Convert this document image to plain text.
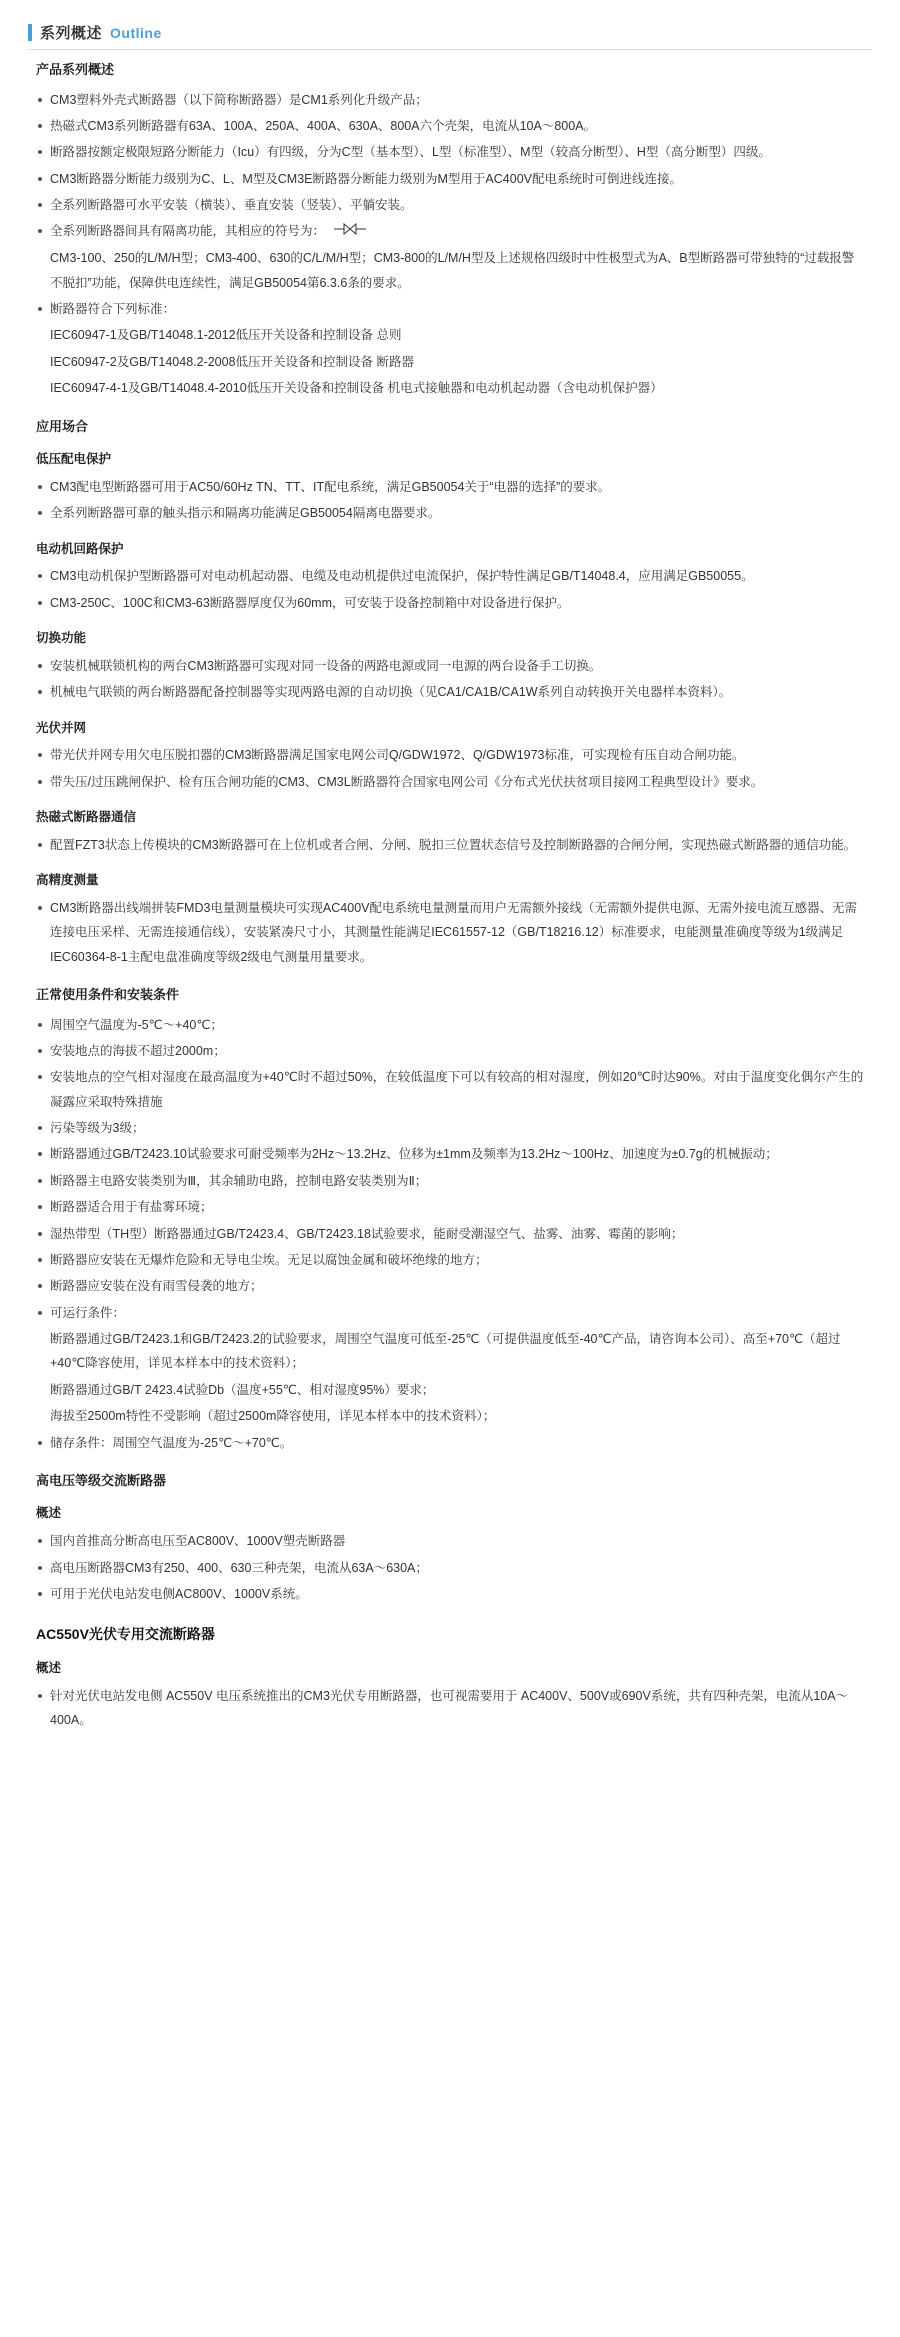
系列概述 Outline
产品系列概述
CM3塑料外壳式断路器（以下简称断路器）是CM1系列化升级产品；
热磁式CM3系列断路器有63A、100A、250A、400A、630A、800A六个壳架，电流从10A～800A。
断路器按额定极限短路分断能力（Icu）有四级，分为C型（基本型）、L型（标准型）、M型（较高分断型）、H型（高分断型）四级。
CM3断路器分断能力级别为C、L、M型及CM3E断路器分断能力级别为M型用于AC400V配电系统时可倒进线连接。
全系列断路器可水平安装（横装）、垂直安装（竖装）、平躺安装。
全系列断路器间具有隔离功能，其相应的符号为：
CM3-100、250的L/M/H型；CM3-400、630的C/L/M/H型；CM3-800的L/M/H型及上述规格四级时中性极型式为A、B型断路器可带独特的“过载报警不脱扣”功能，保障供电连续性，满足GB50054第6.3.6条的要求。
断路器符合下列标准：
IEC60947-1及GB/T14048.1-2012低压开关设备和控制设备 总则
IEC60947-2及GB/T14048.2-2008低压开关设备和控制设备 断路器
IEC60947-4-1及GB/T14048.4-2010低压开关设备和控制设备 机电式接触器和电动机起动器（含电动机保护器）
应用场合
低压配电保护
CM3配电型断路器可用于AC50/60Hz TN、TT、IT配电系统，满足GB50054关于“电器的选择”的要求。
全系列断路器可靠的触头指示和隔离功能满足GB50054隔离电器要求。
电动机回路保护
CM3电动机保护型断路器可对电动机起动器、电缆及电动机提供过电流保护，保护特性满足GB/T14048.4，应用满足GB50055。
CM3-250C、100C和CM3-63断路器厚度仅为60mm，可安装于设备控制箱中对设备进行保护。
切换功能
安装机械联锁机构的两台CM3断路器可实现对同一设备的两路电源或同一电源的两台设备手工切换。
机械电气联锁的两台断路器配备控制器等实现两路电源的自动切换（见CA1/CA1B/CA1W系列自动转换开关电器样本资料）。
光伏并网
带光伏并网专用欠电压脱扣器的CM3断路器满足国家电网公司Q/GDW1972、Q/GDW1973标准，可实现检有压自动合闸功能。
带失压/过压跳闸保护、检有压合闸功能的CM3、CM3L断路器符合国家电网公司《分布式光伏扶贫项目接网工程典型设计》要求。
热磁式断路器通信
配置FZT3状态上传模块的CM3断路器可在上位机或者合闸、分闸、脱扣三位置状态信号及控制断路器的合闸分闸，实现热磁式断路器的通信功能。
高精度测量
CM3断路器出线端拼装FMD3电量测量模块可实现AC400V配电系统电量测量而用户无需额外接线（无需额外提供电源、无需外接电流互感器、无需连接电压采样、无需连接通信线），安装紧凑尺寸小，其测量性能满足IEC61557-12（GB/T18216.12）标准要求，电能测量准确度等级为1级满足IEC60364-8-1主配电盘准确度等级2级电气测量用量要求。
正常使用条件和安装条件
周围空气温度为-5℃～+40℃；
安装地点的海拔不超过2000m；
安装地点的空气相对湿度在最高温度为+40℃时不超过50%，在较低温度下可以有较高的相对湿度，例如20℃时达90%。对由于温度变化偶尔产生的凝露应采取特殊措施
污染等级为3级；
断路器通过GB/T2423.10试验要求可耐受频率为2Hz～13.2Hz、位移为±1mm及频率为13.2Hz～100Hz、加速度为±0.7g的机械振动；
断路器主电路安装类别为Ⅲ，其余辅助电路，控制电路安装类别为Ⅱ；
断路器适合用于有盐雾环境；
湿热带型（TH型）断路器通过GB/T2423.4、GB/T2423.18试验要求，能耐受潮湿空气、盐雾、油雾、霉菌的影响；
断路器应安装在无爆炸危险和无导电尘埃。无足以腐蚀金属和破坏绝缘的地方；
断路器应安装在没有雨雪侵袭的地方；
可运行条件：
断路器通过GB/T2423.1和GB/T2423.2的试验要求，周围空气温度可低至-25℃（可提供温度低至-40℃产品，请咨询本公司）、高至+70℃（超过+40℃降容使用，详见本样本中的技术资料）；
断路器通过GB/T 2423.4试验Db（温度+55℃、相对湿度95%）要求；
海拔至2500m特性不受影响（超过2500m降容使用，详见本样本中的技术资料）；
储存条件：周围空气温度为-25℃～+70℃。
高电压等级交流断路器
概述
国内首推高分断高电压至AC800V、1000V塑壳断路器
高电压断路器CM3有250、400、630三种壳架，电流从63A～630A；
可用于光伏电站发电侧AC800V、1000V系统。
AC550V光伏专用交流断路器
概述
针对光伏电站发电侧 AC550V 电压系统推出的CM3光伏专用断路器，也可视需要用于 AC400V、500V或690V系统，共有四种壳架，电流从10A～400A。
